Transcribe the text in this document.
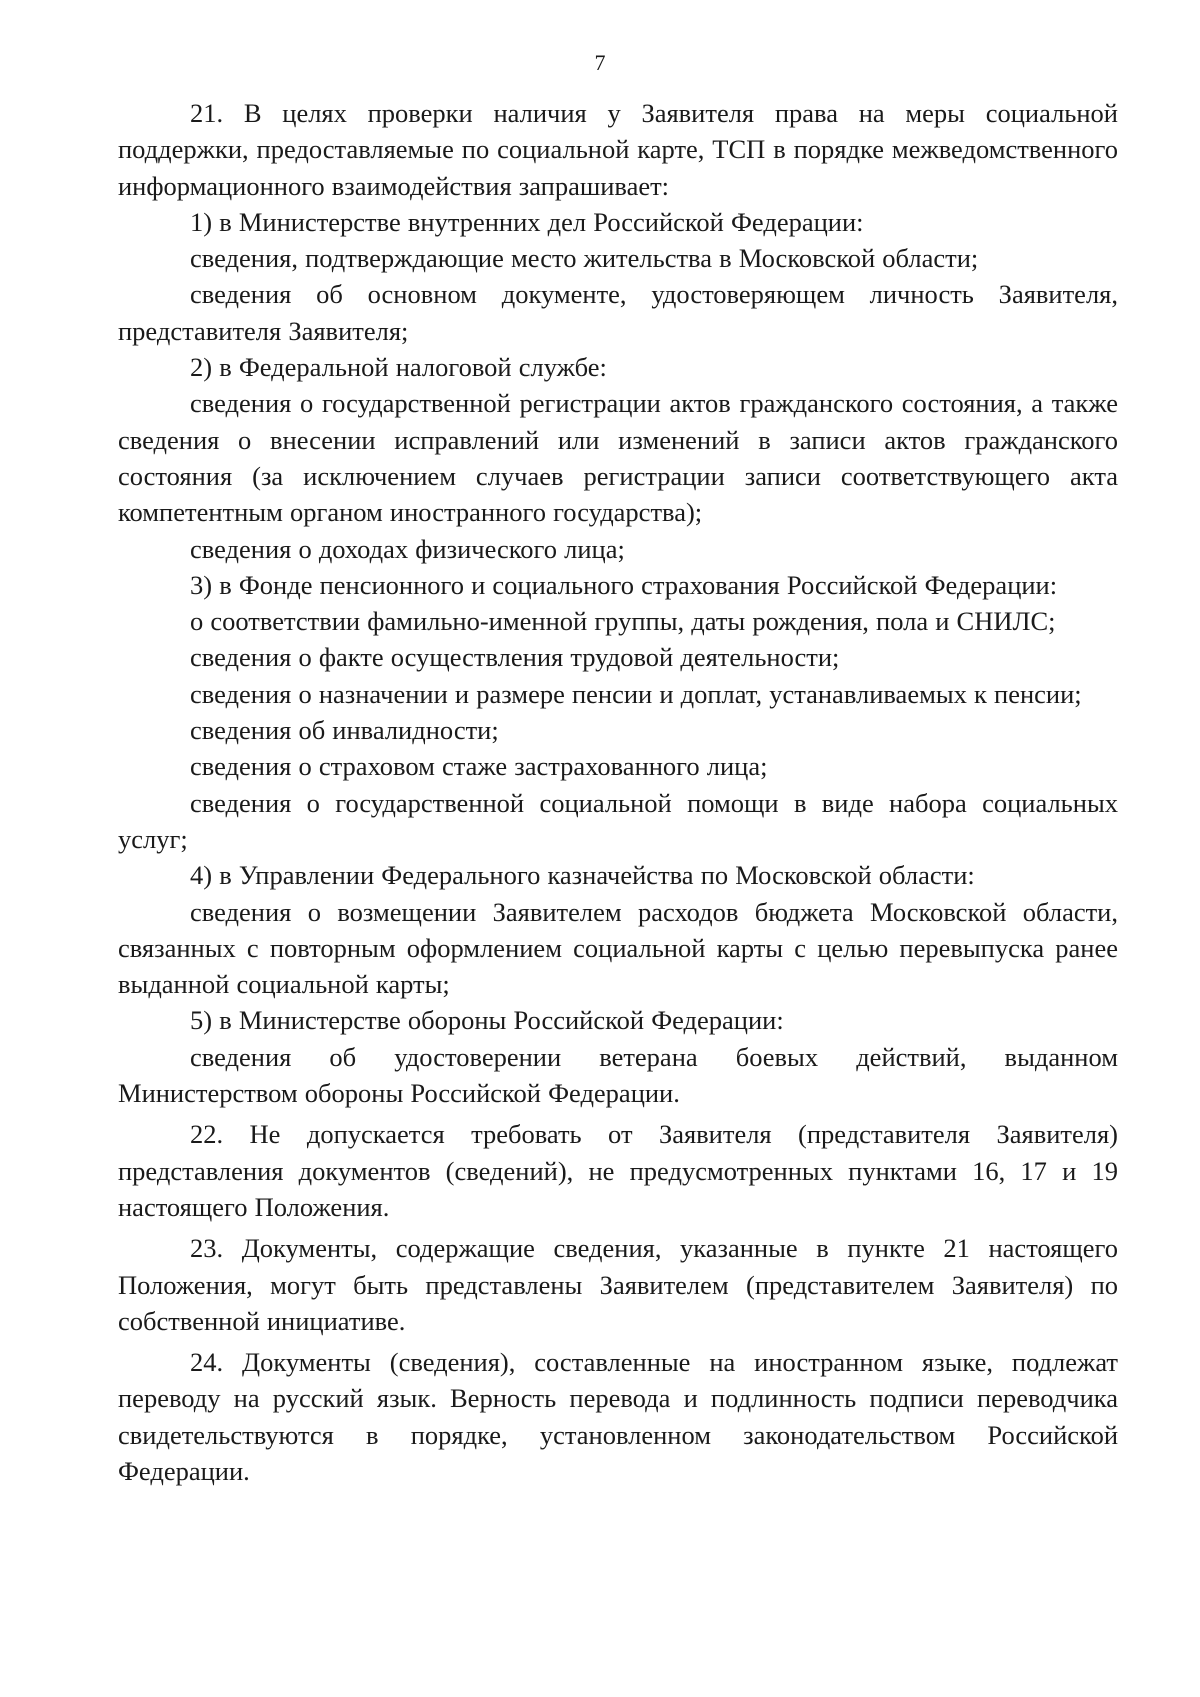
7

21. В целях проверки наличия у Заявителя права на меры социальной поддержки, предоставляемые по социальной карте, ТСП в порядке межведомственного информационного взаимодействия запрашивает:

1) в Министерстве внутренних дел Российской Федерации:

сведения, подтверждающие место жительства в Московской области;

сведения об основном документе, удостоверяющем личность Заявителя, представителя Заявителя;

2) в Федеральной налоговой службе:

сведения о государственной регистрации актов гражданского состояния, а также сведения о внесении исправлений или изменений в записи актов гражданского состояния (за исключением случаев регистрации записи соответствующего акта компетентным органом иностранного государства);

сведения о доходах физического лица;

3) в Фонде пенсионного и социального страхования Российской Федерации:

о соответствии фамильно-именной группы, даты рождения, пола и СНИЛС;

сведения о факте осуществления трудовой деятельности;

сведения о назначении и размере пенсии и доплат, устанавливаемых к пенсии;

сведения об инвалидности;

сведения о страховом стаже застрахованного лица;

сведения о государственной социальной помощи в виде набора социальных услуг;

4) в Управлении Федерального казначейства по Московской области:

сведения о возмещении Заявителем расходов бюджета Московской области, связанных с повторным оформлением социальной карты с целью перевыпуска ранее выданной социальной карты;

5) в Министерстве обороны Российской Федерации:

сведения об удостоверении ветерана боевых действий, выданном Министерством обороны Российской Федерации.

22. Не допускается требовать от Заявителя (представителя Заявителя) представления документов (сведений), не предусмотренных пунктами 16, 17 и 19 настоящего Положения.

23. Документы, содержащие сведения, указанные в пункте 21 настоящего Положения, могут быть представлены Заявителем (представителем Заявителя) по собственной инициативе.

24. Документы (сведения), составленные на иностранном языке, подлежат переводу на русский язык. Верность перевода и подлинность подписи переводчика свидетельствуются в порядке, установленном законодательством Российской Федерации.
